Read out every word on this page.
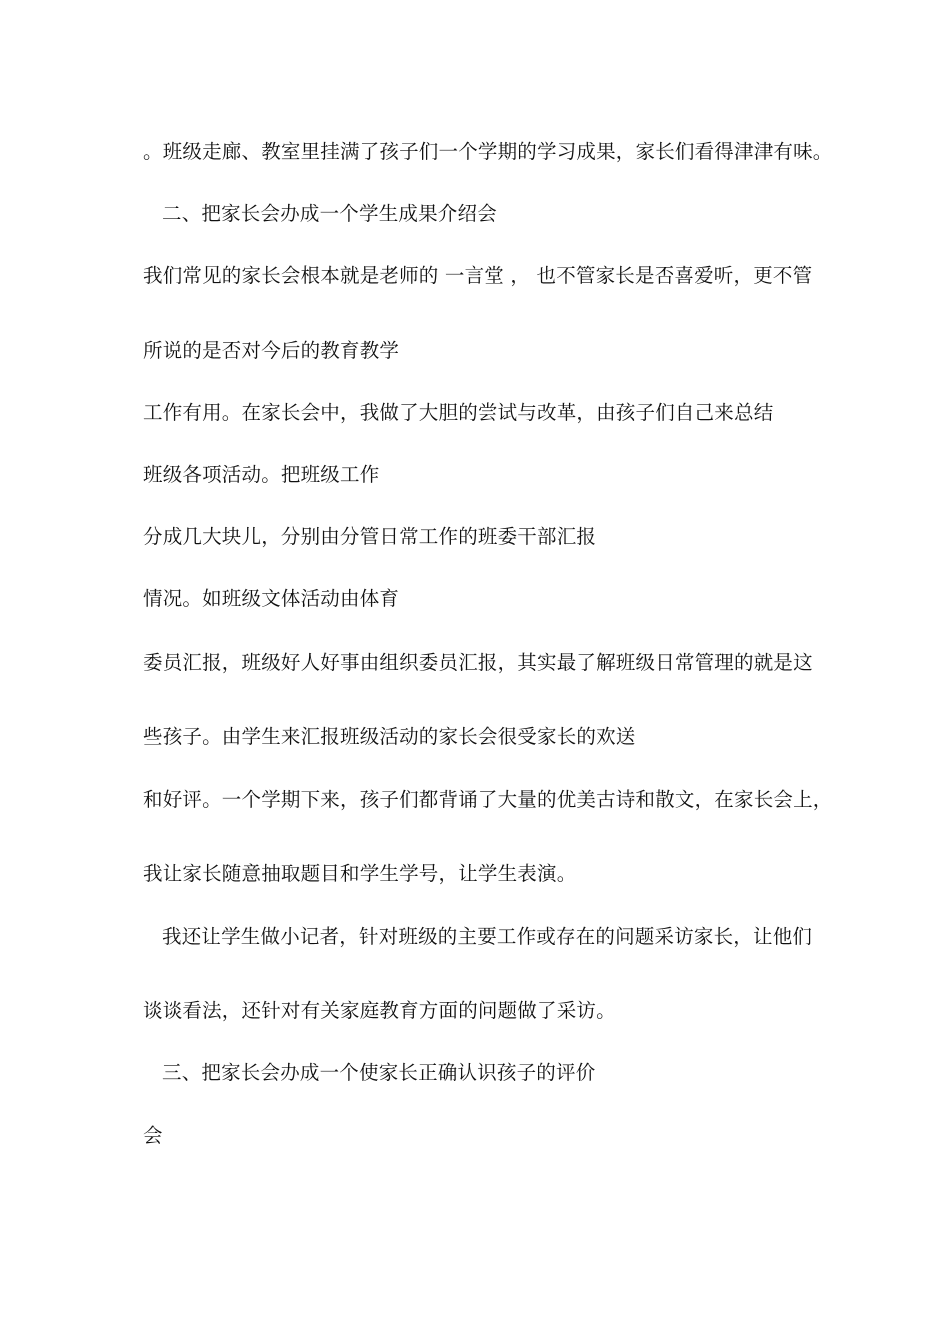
。班级走廊、教室里挂满了孩子们一个学期的学习成果，家长们看得津津有味。

二、把家长会办成一个学生成果介绍会

我们常见的家长会根本就是老师的 一言堂 ， 也不管家长是否喜爱听，更不管

所说的是否对今后的教育教学

工作有用。在家长会中，我做了大胆的尝试与改革，由孩子们自己来总结

班级各项活动。把班级工作

分成几大块儿，分别由分管日常工作的班委干部汇报

情况。如班级文体活动由体育

委员汇报，班级好人好事由组织委员汇报，其实最了解班级日常管理的就是这

些孩子。由学生来汇报班级活动的家长会很受家长的欢送

和好评。一个学期下来，孩子们都背诵了大量的优美古诗和散文，在家长会上，

我让家长随意抽取题目和学生学号，让学生表演。

我还让学生做小记者，针对班级的主要工作或存在的问题采访家长，让他们

谈谈看法，还针对有关家庭教育方面的问题做了采访。

三、把家长会办成一个使家长正确认识孩子的评价

会
